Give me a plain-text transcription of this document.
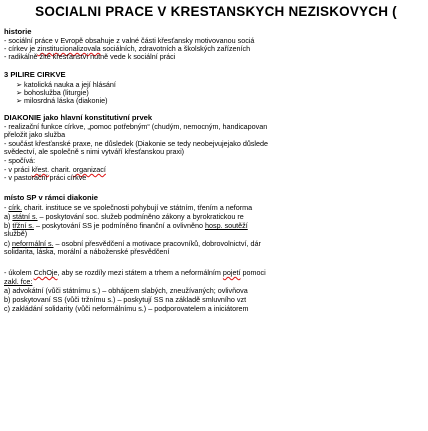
SOCIALNI PRACE V KRESTANSKYCH NEZISKOVYCH (
historie
- sociální práce v Evropě obsahuje z valné části křesťansky motivovanou sociá
- církev je zinstitucionalizovala sociálních, zdravotních a školských zařízeních
- radikálně žité křesťanství nutně vede k sociální práci
3 PILIRE CIRKVE
➢ katolická nauka a její hlásání
➢ bohoslužba (liturgie)
➢ milosrdná láska (diakonie)
DIAKONIE jako hlavní konstitutivní prvek
- realizační funkce církve, „pomoc potřebným“ (chudým, nemocným, handicapovan
přeložit jako služba
- součást křesťanské praxe, ne důsledek (Diakonie se tedy neobejvujejako důslede
svědectví, ale společně s nimi vytváří křesťanskou praxi)
- spočívá:
- v práci křest. charit. organizací
- v pastorační práci církve
místo SP v rámci diakonie
- círk. charit. instituce se ve společnosti pohybují ve státním, třením a neforma
a) státní s. – poskytování soc. služeb podmíněno zákony a byrokratickou re
b) třžní s. – poskytování SS je podmíněno finanční a ovlivněno hosp. soutěží
službě)
c) neformální s. – osobní přesvědčení a motivace pracovníků, dobrovolnictví, dár
solidarita, láska, morální a náboženské přesvědčení
- úkolem CchOje, aby se rozdíly mezi státem a trhem a neformálním pojetí pomoci
zakl. fce:
a) advokátní (vůči státnímu s.) – obhájcem slabých, zneužívaných; ovlivňova
b) poskytovaní SS (vůči tržnímu s.) – poskytují SS na základě smluvního vzt
c) zakládání solidarity (vůči neformálnímu s.) – podporovatelem a iniciátorem
